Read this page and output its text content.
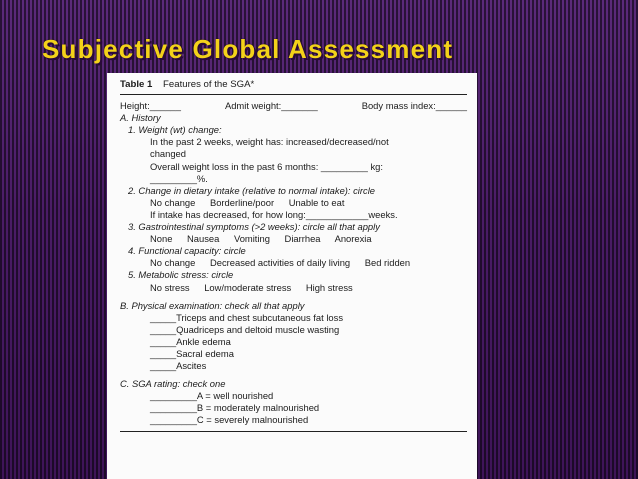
Subjective Global Assessment
Table 1 Features of the SGA*
Height:______	Admit weight:_______	Body mass index:______
A. History
1. Weight (wt) change:
In the past 2 weeks, weight has: increased/decreased/not
changed
Overall weight loss in the past 6 months: _________ kg:
_________%.
2. Change in dietary intake (relative to normal intake): circle
No change Borderline/poor Unable to eat
If intake has decreased, for how long:____________weeks.
3. Gastrointestinal symptoms (>2 weeks): circle all that apply
None Nausea Vomiting Diarrhea Anorexia
4. Functional capacity: circle
No change Decreased activities of daily living Bed ridden
5. Metabolic stress: circle
No stress Low/moderate stress High stress
B. Physical examination: check all that apply
_____Triceps and chest subcutaneous fat loss
_____Quadriceps and deltoid muscle wasting
_____Ankle edema
_____Sacral edema
_____Ascites
C. SGA rating: check one
_________A = well nourished
_________B = moderately malnourished
_________C = severely malnourished
